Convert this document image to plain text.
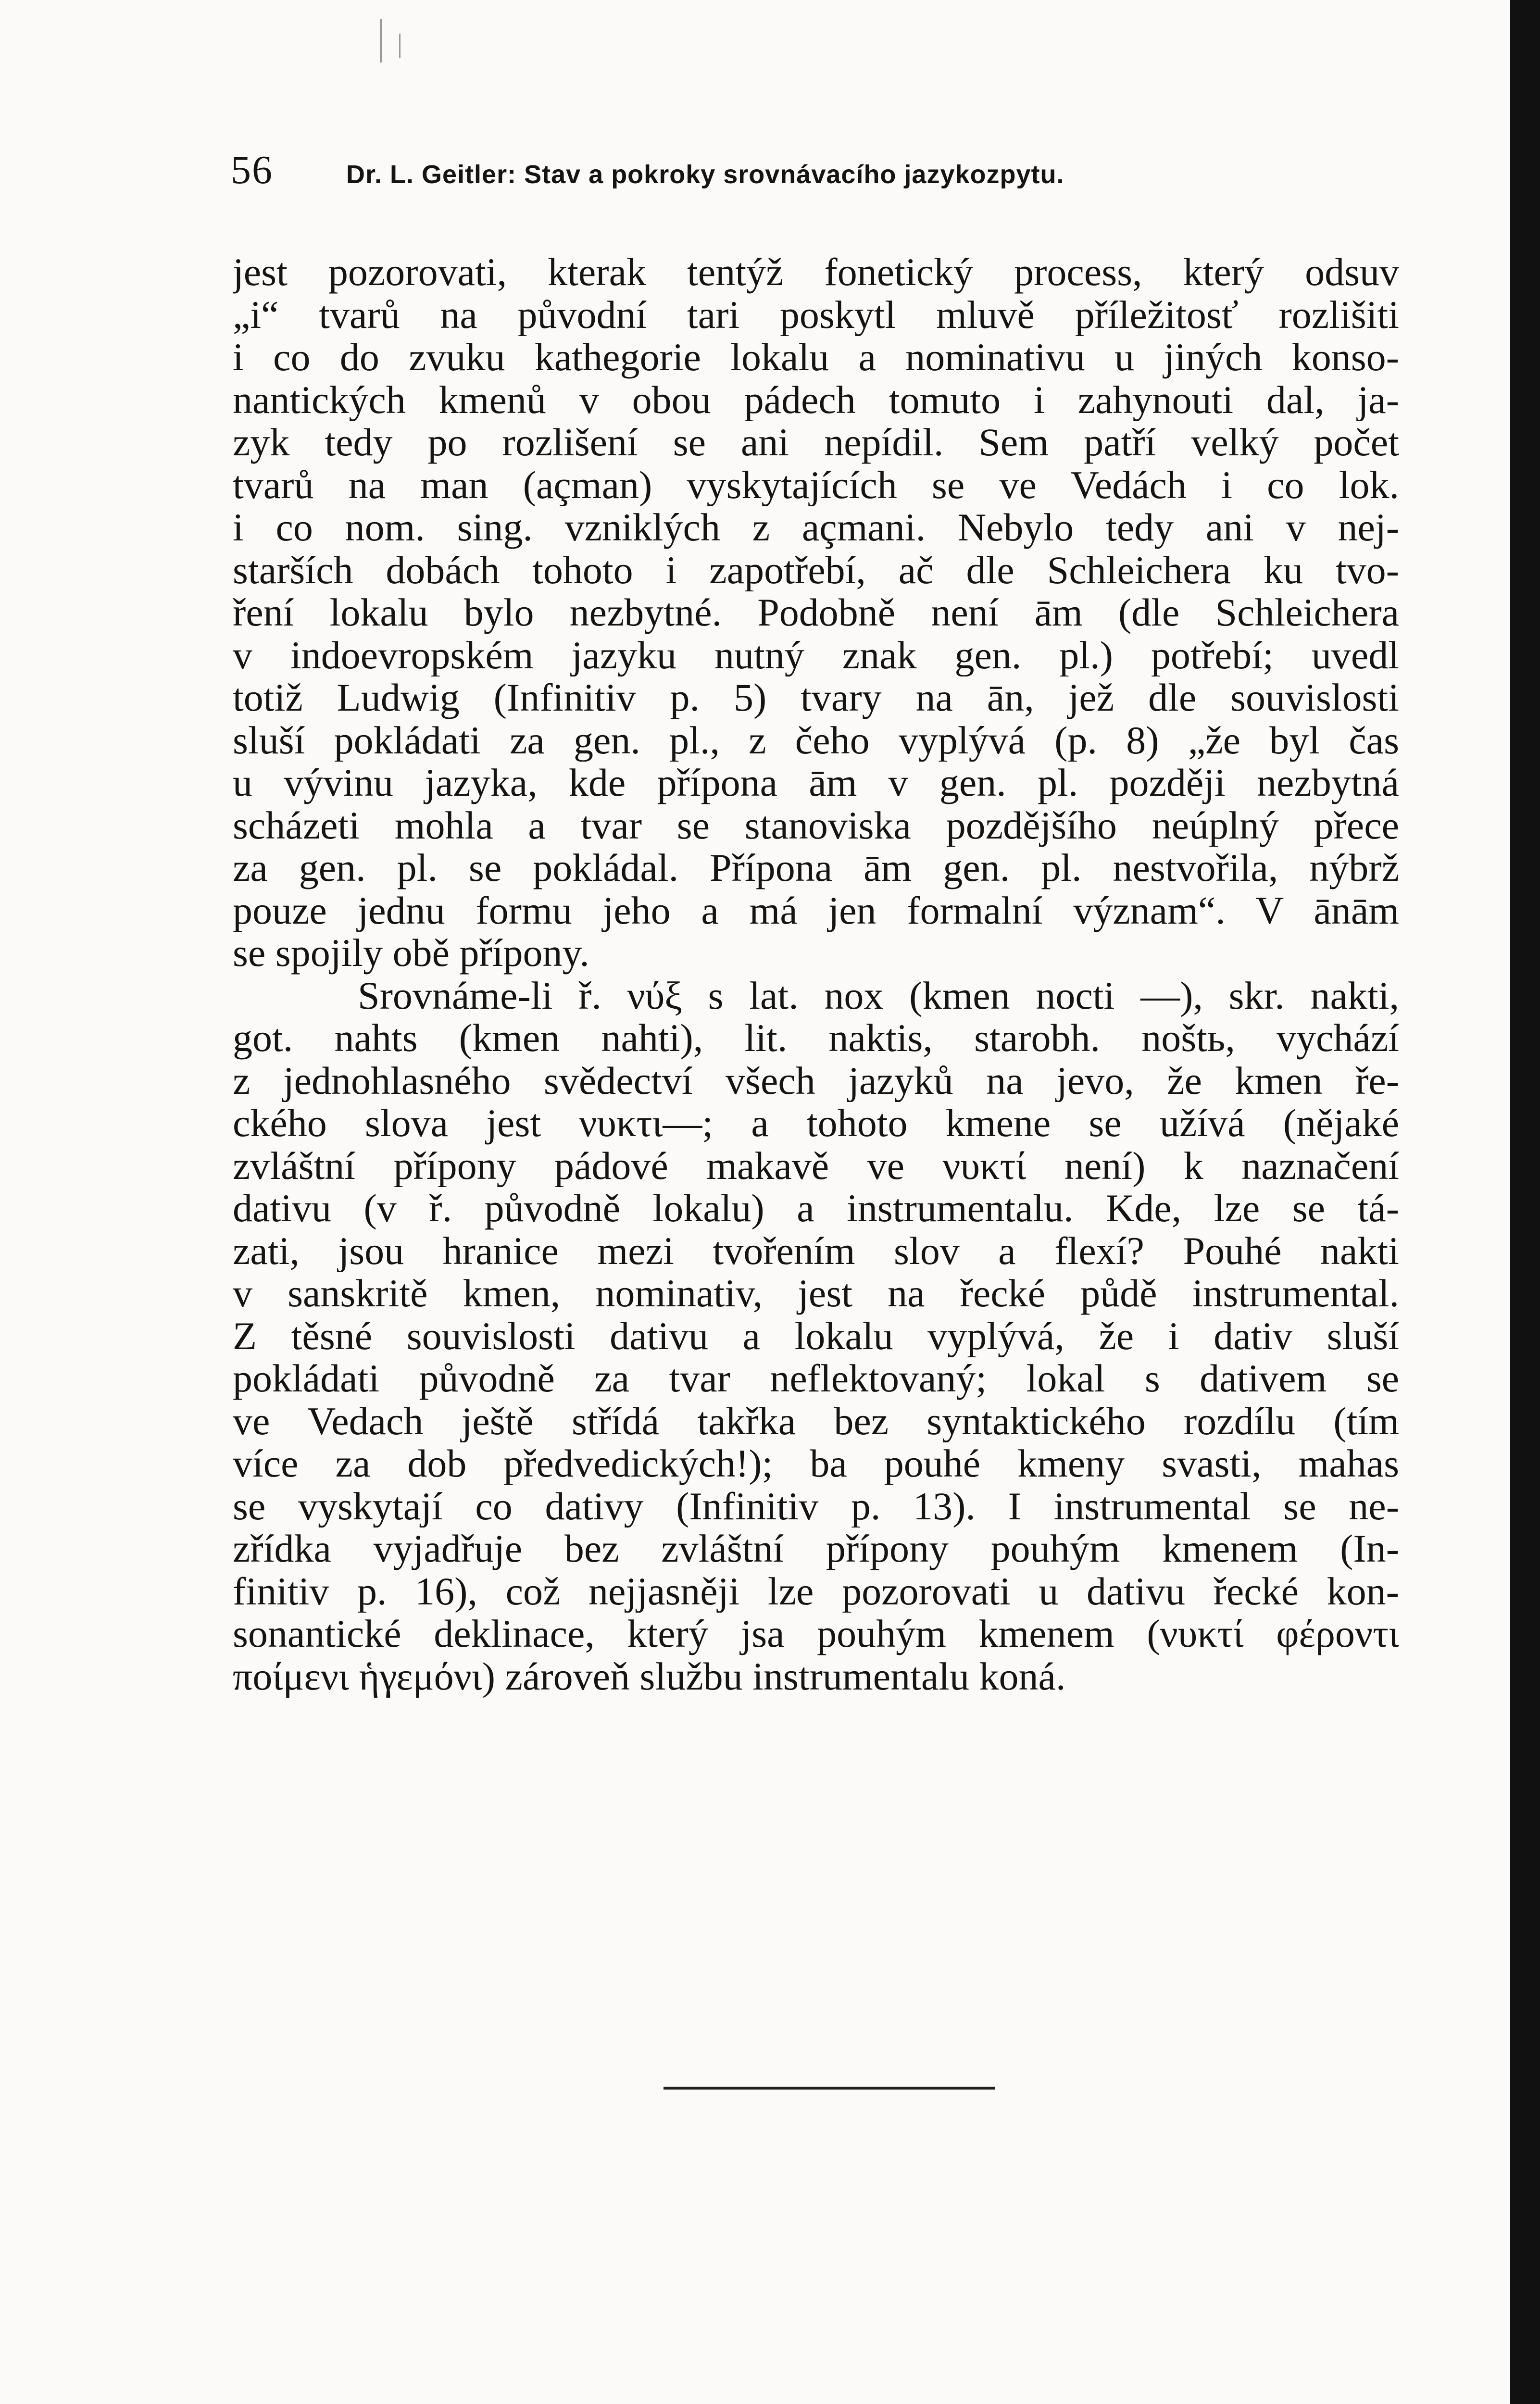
56	Dr. L. Geitler: Stav a pokroky srovnávacího jazykozpytu.
jest pozorovati, kterak tentýž fonetický process, který odsuv
„i“ tvarů na původní tari poskytl mluvě příležitosť rozlišiti
i co do zvuku kathegorie lokalu a nominativu u jiných konso-
nantických kmenů v obou pádech tomuto i zahynouti dal, ja-
zyk tedy po rozlišení se ani nepídil. Sem patří velký počet
tvarů na man (açman) vyskytajících se ve Vedách i co lok.
i co nom. sing. vzniklých z açmani. Nebylo tedy ani v nej-
starších dobách tohoto i zapotřebí, ač dle Schleichera ku tvo-
ření lokalu bylo nezbytné. Podobně není ām (dle Schleichera
v indoevropském jazyku nutný znak gen. pl.) potřebí; uvedl
totiž Ludwig (Infinitiv p. 5) tvary na ān, jež dle souvislosti
sluší pokládati za gen. pl., z čeho vyplývá (p. 8) „že byl čas
u vývinu jazyka, kde přípona ām v gen. pl. později nezbytná
scházeti mohla a tvar se stanoviska pozdějšího neúplný přece
za gen. pl. se pokládal. Přípona ām gen. pl. nestvořila, nýbrž
pouze jednu formu jeho a má jen formalní význam“. V ānām
se spojily obě přípony.
Srovnáme-li ř. νύξ s lat. nox (kmen nocti —), skr. nakti,
got. nahts (kmen nahti), lit. naktis, starobh. noštь, vychází
z jednohlasného svědectví všech jazyků na jevo, že kmen ře-
ckého slova jest νυκτι—; a tohoto kmene se užívá (nějaké
zvláštní přípony pádové makavě ve νυκτί není) k naznačení
dativu (v ř. původně lokalu) a instrumentalu. Kde, lze se tá-
zati, jsou hranice mezi tvořením slov a flexí? Pouhé nakti
v sanskritě kmen, nominativ, jest na řecké půdě instrumental.
Z těsné souvislosti dativu a lokalu vyplývá, že i dativ sluší
pokládati původně za tvar neflektovaný; lokal s dativem se
ve Vedach ještě střídá takřka bez syntaktického rozdílu (tím
více za dob předvedických!); ba pouhé kmeny svasti, mahas
se vyskytají co dativy (Infinitiv p. 13). I instrumental se ne-
zřídka vyjadřuje bez zvláštní přípony pouhým kmenem (In-
finitiv p. 16), což nejjasněji lze pozorovati u dativu řecké kon-
sonantické deklinace, který jsa pouhým kmenem (νυκτί φέροντι
ποίμενι ἡγεμόνι) zároveň službu instrumentalu koná.
